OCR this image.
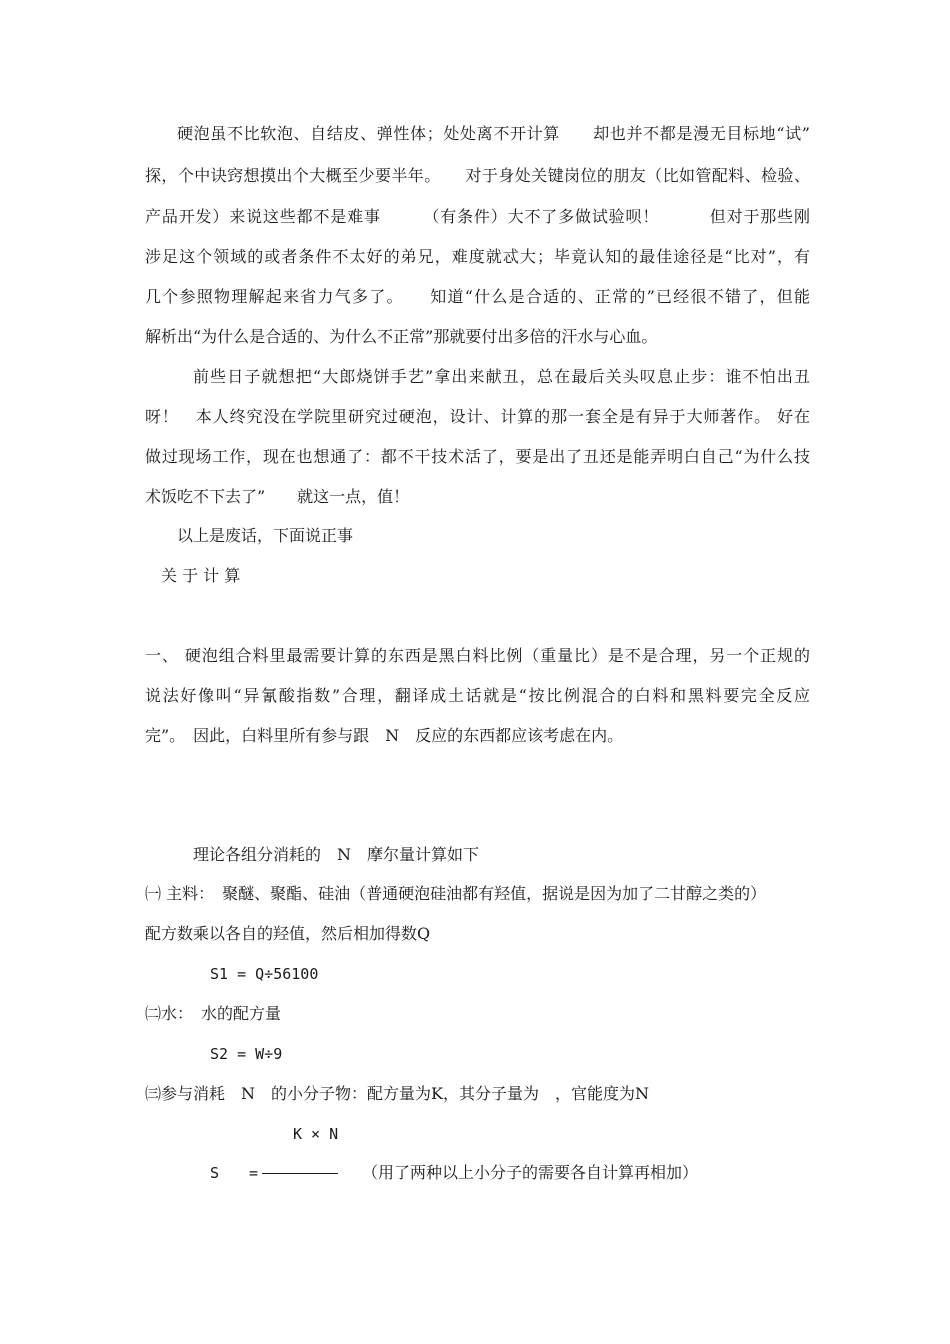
硬泡虽不比软泡、自结皮、弹性体；处处离不开计算　　却也并不都是漫无目标地“试”
探，个中诀窍想摸出个大概至少要半年。　　对于身处关键岗位的朋友（比如管配料、检验、
产品开发）来说这些都不是难事　　　（有条件）大不了多做试验呗！　　　但对于那些刚
涉足这个领域的或者条件不太好的弟兄，难度就忒大；毕竟认知的最佳途径是“比对”，有
几个参照物理解起来省力气多了。　　知道“什么是合适的、正常的”已经很不错了，但能
解析出“为什么是合适的、为什么不正常”那就要付出多倍的汗水与心血。
前些日子就想把“大郎烧饼手艺”拿出来献丑，总在最后关头叹息止步：谁不怕出丑
呀！　本人终究没在学院里研究过硬泡，设计、计算的那一套全是有异于大师著作。 好在
做过现场工作，现在也想通了：都不干技术活了，要是出了丑还是能弄明白自己“为什么技
术饭吃不下去了”　　就这一点，值！
以上是废话，下面说正事
关 于 计 算
一、 硬泡组合料里最需要计算的东西是黑白料比例（重量比）是不是合理，另一个正规的
说法好像叫“异氰酸指数”合理，翻译成土话就是“按比例混合的白料和黑料要完全反应
完”。　因此，白料里所有参与跟　N　反应的东西都应该考虑在内。
理论各组分消耗的　N　摩尔量计算如下
㈠ 主料：　聚醚、聚酯、硅油（普通硬泡硅油都有羟值，据说是因为加了二甘醇之类的）
配方数乘以各自的羟值，然后相加得数Q
S1 = Q÷56100
㈡水：　水的配方量
S2 = W÷9
㈢参与消耗　N　的小分子物：配方量为K，其分子量为　，官能度为N
K × N
S　　=	（用了两种以上小分子的需要各自计算再相加）
